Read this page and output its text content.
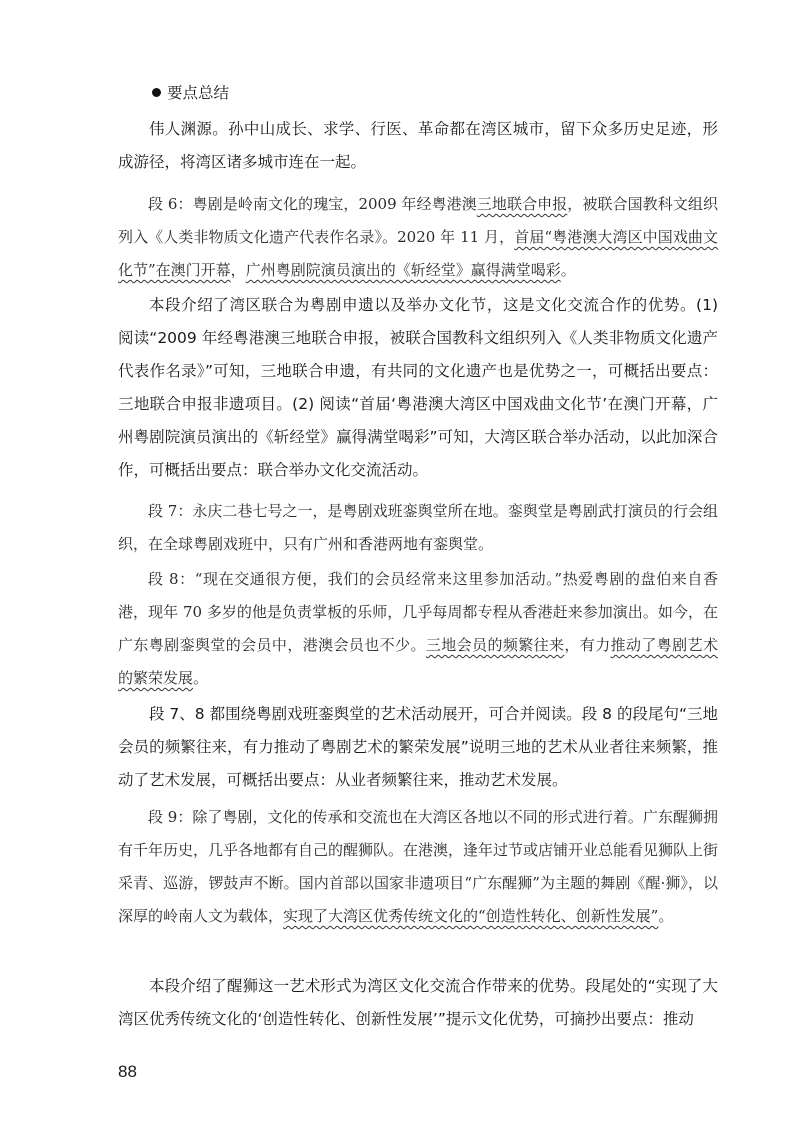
要点总结
伟人渊源。孙中山成长、求学、行医、革命都在湾区城市，留下众多历史足迹，形成游径，将湾区诸多城市连在一起。
段 6：粤剧是岭南文化的瑰宝，2009 年经粤港澳三地联合申报，被联合国教科文组织列入《人类非物质文化遗产代表作名录》。2020 年 11 月，首届“粤港澳大湾区中国戏曲文化节”在澳门开幕，广州粤剧院演员演出的《斩经堂》赢得满堂喝彩。
本段介绍了湾区联合为粤剧申遗以及举办文化节，这是文化交流合作的优势。(1) 阅读“2009 年经粤港澳三地联合申报，被联合国教科文组织列入《人类非物质文化遗产代表作名录》”可知，三地联合申遗，有共同的文化遗产也是优势之一，可概括出要点：三地联合申报非遗项目。(2) 阅读“首届‘粤港澳大湾区中国戏曲文化节’在澳门开幕，广州粤剧院演员演出的《斩经堂》赢得满堂喝彩”可知，大湾区联合举办活动，以此加深合作，可概括出要点：联合举办文化交流活动。
段 7：永庆二巷七号之一，是粤剧戏班銮舆堂所在地。銮舆堂是粤剧武打演员的行会组织，在全球粤剧戏班中，只有广州和香港两地有銮舆堂。
段 8：“现在交通很方便，我们的会员经常来这里参加活动。”热爱粤剧的盘伯来自香港，现年 70 多岁的他是负责掌板的乐师，几乎每周都专程从香港赶来参加演出。如今，在广东粤剧銮舆堂的会员中，港澳会员也不少。三地会员的频繁往来，有力推动了粤剧艺术的繁荣发展。
段 7、8 都围绕粤剧戏班銮舆堂的艺术活动展开，可合并阅读。段 8 的段尾句“三地会员的频繁往来，有力推动了粤剧艺术的繁荣发展”说明三地的艺术从业者往来频繁，推动了艺术发展，可概括出要点：从业者频繁往来，推动艺术发展。
段 9：除了粤剧，文化的传承和交流也在大湾区各地以不同的形式进行着。广东醒狮拥有千年历史，几乎各地都有自己的醒狮队。在港澳，逢年过节或店铺开业总能看见狮队上街采青、巡游，锣鼓声不断。国内首部以国家非遗项目“广东醒狮”为主题的舞剧《醒·狮》，以深厚的岭南人文为载体，实现了大湾区优秀传统文化的“创造性转化、创新性发展”。
本段介绍了醒狮这一艺术形式为湾区文化交流合作带来的优势。段尾处的“实现了大湾区优秀传统文化的‘创造性转化、创新性发展’”提示文化优势，可摘抄出要点：推动
88
